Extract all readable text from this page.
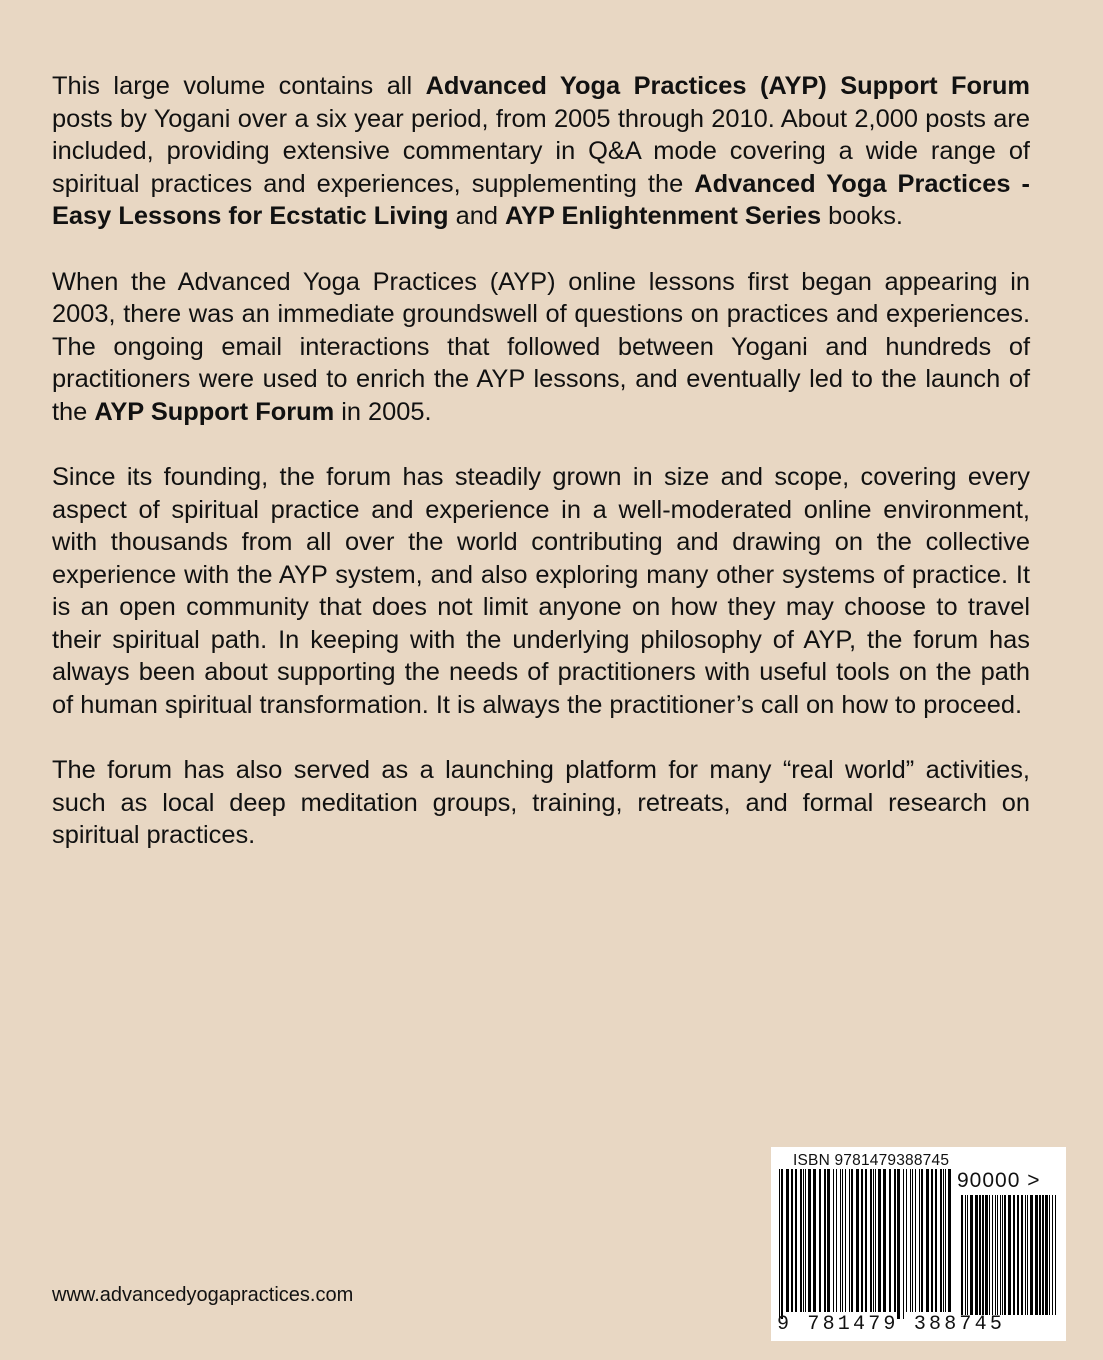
This large volume contains all Advanced Yoga Practices (AYP) Support Forum posts by Yogani over a six year period, from 2005 through 2010. About 2,000 posts are included, providing extensive commentary in Q&A mode covering a wide range of spiritual practices and experiences, supplementing the Advanced Yoga Practices - Easy Lessons for Ecstatic Living and AYP Enlightenment Series books.

When the Advanced Yoga Practices (AYP) online lessons first began appearing in 2003, there was an immediate groundswell of questions on practices and experiences. The ongoing email interactions that followed between Yogani and hundreds of practitioners were used to enrich the AYP lessons, and eventually led to the launch of the AYP Support Forum in 2005.

Since its founding, the forum has steadily grown in size and scope, covering every aspect of spiritual practice and experience in a well-moderated online environment, with thousands from all over the world contributing and drawing on the collective experience with the AYP system, and also exploring many other systems of practice. It is an open community that does not limit anyone on how they may choose to travel their spiritual path. In keeping with the underlying philosophy of AYP, the forum has always been about supporting the needs of practitioners with useful tools on the path of human spiritual transformation. It is always the practitioner’s call on how to proceed.

The forum has also served as a launching platform for many “real world” activities, such as local deep meditation groups, training, retreats, and formal research on spiritual practices.

www.advancedyogapractices.com
ISBN 9781479388745
90000 >
9 781479 388745
